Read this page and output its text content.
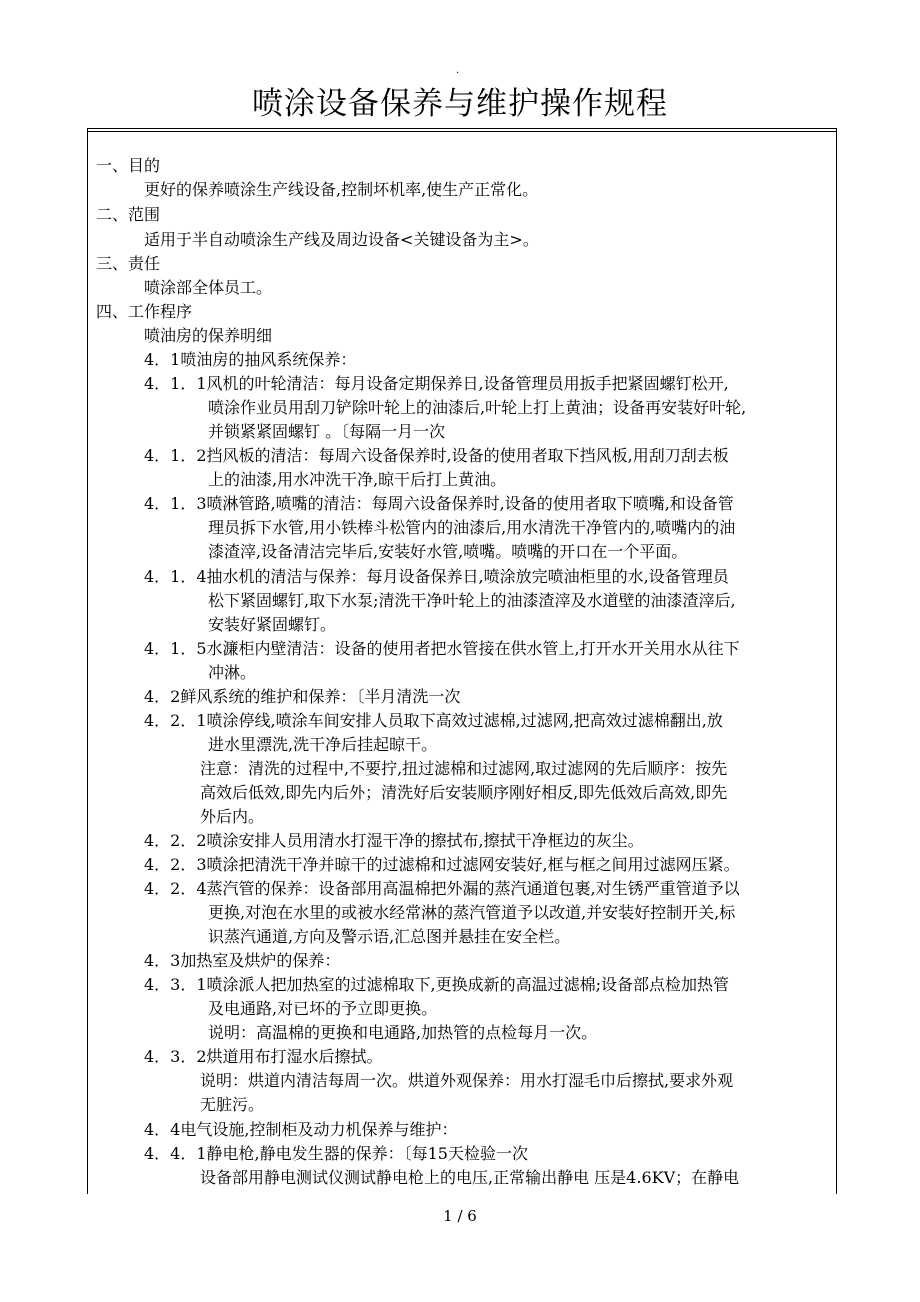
.
喷涂设备保养与维护操作规程
一、目的
更好的保养喷涂生产线设备,控制坏机率,使生产正常化。
二、范围
适用于半自动喷涂生产线及周边设备<关键设备为主>。
三、责任
喷涂部全体员工。
四、工作程序
喷油房的保养明细
4．1喷油房的抽风系统保养：
4．1．1风机的叶轮清洁：每月设备定期保养日,设备管理员用扳手把紧固螺钉松开,
喷涂作业员用刮刀铲除叶轮上的油漆后,叶轮上打上黄油；设备再安装好叶轮,
并锁紧紧固螺钉 。〔每隔一月一次
4．1．2挡风板的清洁：每周六设备保养时,设备的使用者取下挡风板,用刮刀刮去板
上的油漆,用水冲洗干净,晾干后打上黄油。
4．1．3喷淋管路,喷嘴的清洁：每周六设备保养时,设备的使用者取下喷嘴,和设备管
理员拆下水管,用小铁棒斗松管内的油漆后,用水清洗干净管内的,喷嘴内的油
漆渣滓,设备清洁完毕后,安装好水管,喷嘴。喷嘴的开口在一个平面。
4．1．4抽水机的清洁与保养：每月设备保养日,喷涂放完喷油柜里的水,设备管理员
松下紧固螺钉,取下水泵;清洗干净叶轮上的油漆渣滓及水道壁的油漆渣滓后,
安装好紧固螺钉。
4．1．5水濂柜内壁清洁：设备的使用者把水管接在供水管上,打开水开关用水从往下
冲淋。
4．2鲜风系统的维护和保养：〔半月清洗一次
4．2．1喷涂停线,喷涂车间安排人员取下高效过滤棉,过滤网,把高效过滤棉翻出,放
进水里漂洗,洗干净后挂起晾干。
注意：清洗的过程中,不要拧,扭过滤棉和过滤网,取过滤网的先后顺序：按先
高效后低效,即先内后外；清洗好后安装顺序刚好相反,即先低效后高效,即先
外后内。
4．2．2喷涂安排人员用清水打湿干净的擦拭布,擦拭干净框边的灰尘。
4．2．3喷涂把清洗干净并晾干的过滤棉和过滤网安装好,框与框之间用过滤网压紧。
4．2．4蒸汽管的保养：设备部用高温棉把外漏的蒸汽通道包裹,对生锈严重管道予以
更换,对泡在水里的或被水经常淋的蒸汽管道予以改道,并安装好控制开关,标
识蒸汽通道,方向及警示语,汇总图并悬挂在安全栏。
4．3加热室及烘炉的保养：
4．3．1喷涂派人把加热室的过滤棉取下,更换成新的高温过滤棉;设备部点检加热管
及电通路,对已坏的予立即更换。
说明：高温棉的更换和电通路,加热管的点检每月一次。
4．3．2烘道用布打湿水后擦拭。
说明：烘道内清洁每周一次。烘道外观保养：用水打湿毛巾后擦拭,要求外观
无脏污。
4．4电气设施,控制柜及动力机保养与维护：
4．4．1静电枪,静电发生器的保养：〔每15天检验一次
设备部用静电测试仪测试静电枪上的电压,正常输出静电 压是4.6KV；在静电
1 / 6
